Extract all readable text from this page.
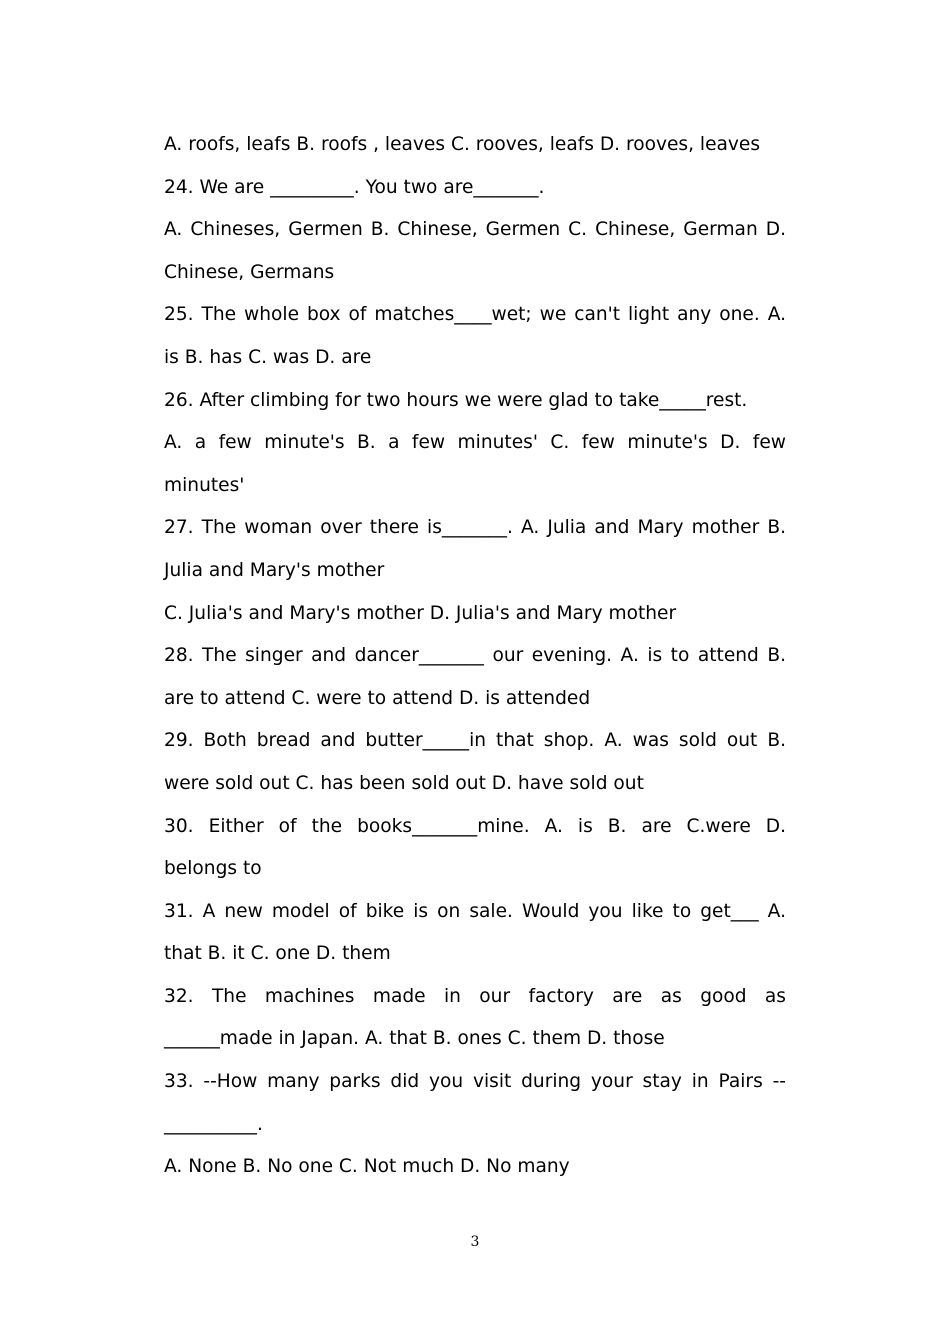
A. roofs, leafs B. roofs , leaves C. rooves, leafs D. rooves, leaves
24. We are _________. You two are_______.
A. Chineses, Germen B. Chinese, Germen C. Chinese, German D.
Chinese, Germans
25. The whole box of matches____wet; we can't light any one. A.
is B. has C. was D. are
26. After climbing for two hours we were glad to take_____rest.
A. a few minute's B. a few minutes' C. few minute's D. few
minutes'
27. The woman over there is_______. A. Julia and Mary mother B.
Julia and Mary's mother
C. Julia's and Mary's mother D. Julia's and Mary mother
28. The singer and dancer_______ our evening. A. is to attend B.
are to attend C. were to attend D. is attended
29. Both bread and butter_____in that shop. A. was sold out B.
were sold out C. has been sold out D. have sold out
30. Either of the books_______mine. A. is B. are C.were D.
belongs to
31. A new model of bike is on sale. Would you like to get___ A.
that B. it C. one D. them
32. The machines made in our factory are as good as
______made in Japan. A. that B. ones C. them D. those
33. --How many parks did you visit during your stay in Pairs --
__________.
A. None B. No one C. Not much D. No many
3
